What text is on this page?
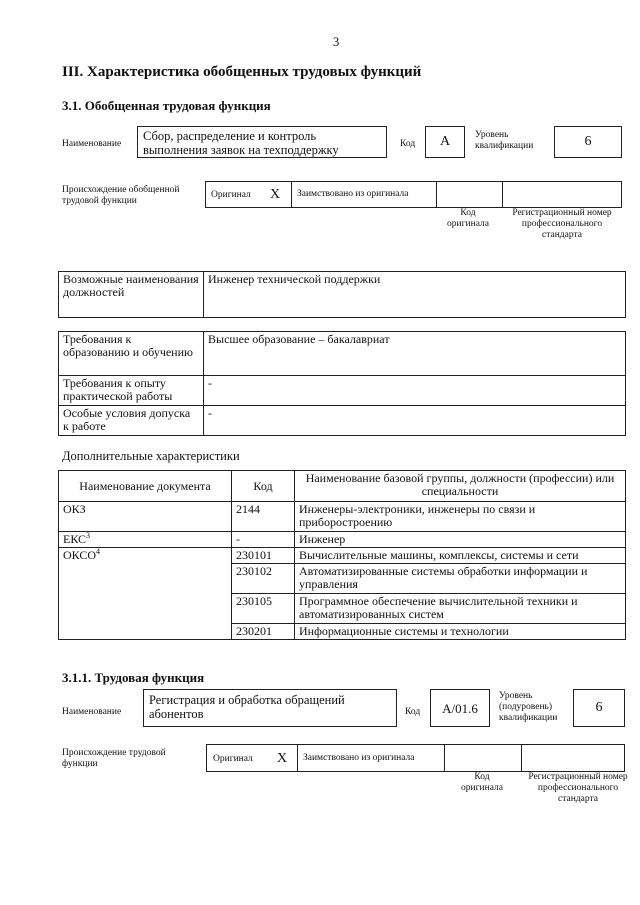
3
III. Характеристика обобщенных трудовых функций
3.1. Обобщенная трудовая функция
Наименование
Сбор, распределение и контроль выполнения заявок на техподдержку	Код	A	Уровень квалификации	6
Происхождение обобщенной трудовой функции
Оригинал X Заимствовано из оригинала
Код оригинала
Регистрационный номер профессионального стандарта
Возможные наименования должностей	Инженер технической поддержки
Требования к образованию и обучению	Высшее образование – бакалавриат
Требования к опыту практической работы	-
Особые условия допуска к работе	-
Дополнительные характеристики
Наименование документа	Код	Наименование базовой группы, должности (профессии) или специальности
ОКЗ	2144	Инженеры-электроники, инженеры по связи и приборостроению
ЕКС$^3$	-	Инженер
ОКСО$^4$	230101	Вычислительные машины, комплексы, системы и сети
	230102	Автоматизированные системы обработки информации и управления
	230105	Программное обеспечение вычислительной техники и автоматизированных систем
	230201	Информационные системы и технологии
3.1.1. Трудовая функция
Наименование
Регистрация и обработка обращений абонентов	Код	A/01.6
Уровень (подуровень) квалификации
6
Происхождение трудовой функции	Оригинал X Заимствовано из оригинала
Код оригинала
Регистрационный номер профессионального стандарта
